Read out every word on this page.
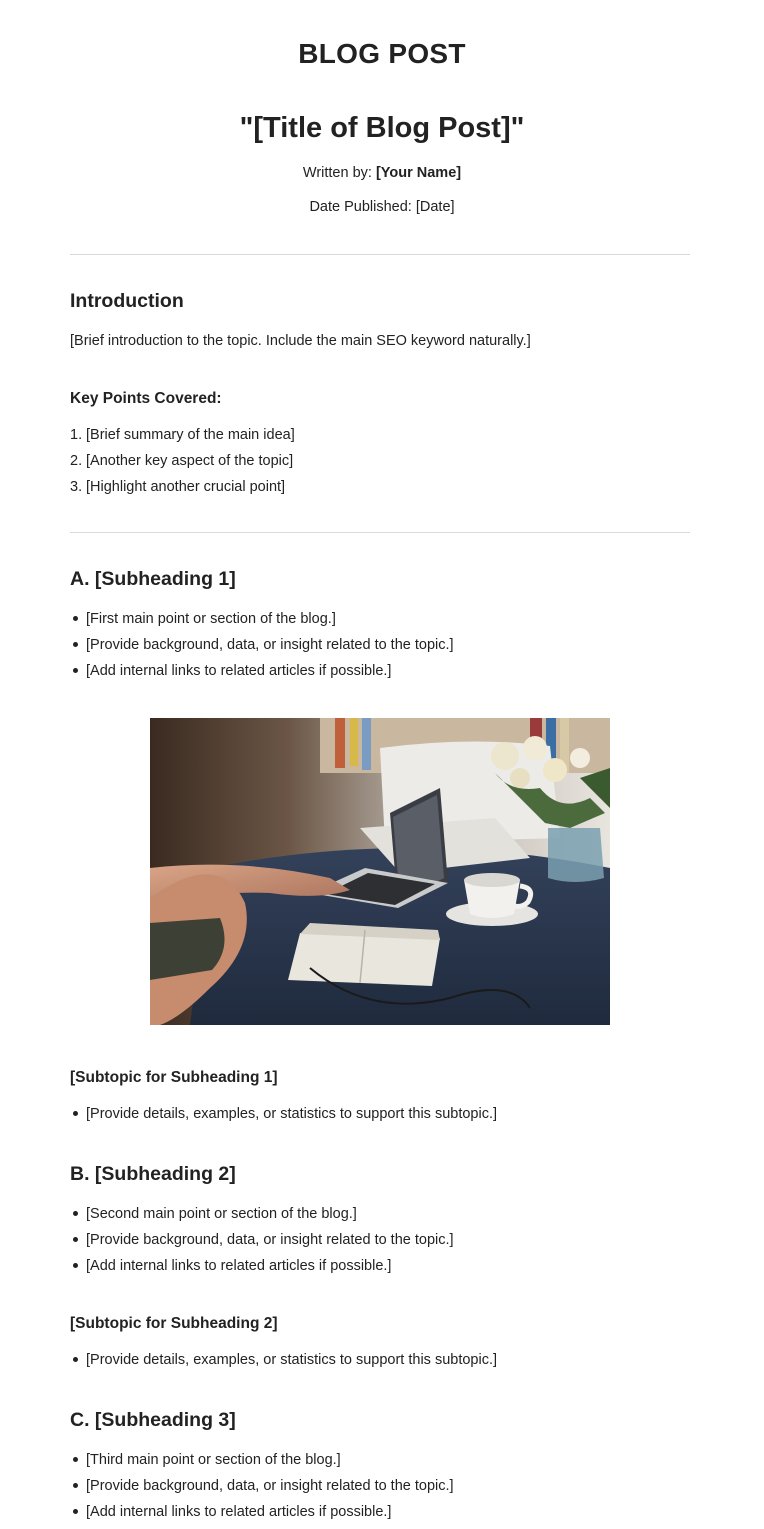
BLOG POST
"[Title of Blog Post]"
Written by: [Your Name]
Date Published: [Date]
Introduction

[Brief introduction to the topic. Include the main SEO keyword naturally.]

Key Points Covered:
1. [Brief summary of the main idea]
2. [Another key aspect of the topic]
3. [Highlight another crucial point]
A. [Subheading 1]
[First main point or section of the blog.]
[Provide background, data, or insight related to the topic.]
[Add internal links to related articles if possible.]
[Subtopic for Subheading 1]
[Provide details, examples, or statistics to support this subtopic.]
B. [Subheading 2]
[Second main point or section of the blog.]
[Provide background, data, or insight related to the topic.]
[Add internal links to related articles if possible.]
[Subtopic for Subheading 2]
[Provide details, examples, or statistics to support this subtopic.]
C. [Subheading 3]
[Third main point or section of the blog.]
[Provide background, data, or insight related to the topic.]
[Add internal links to related articles if possible.]
